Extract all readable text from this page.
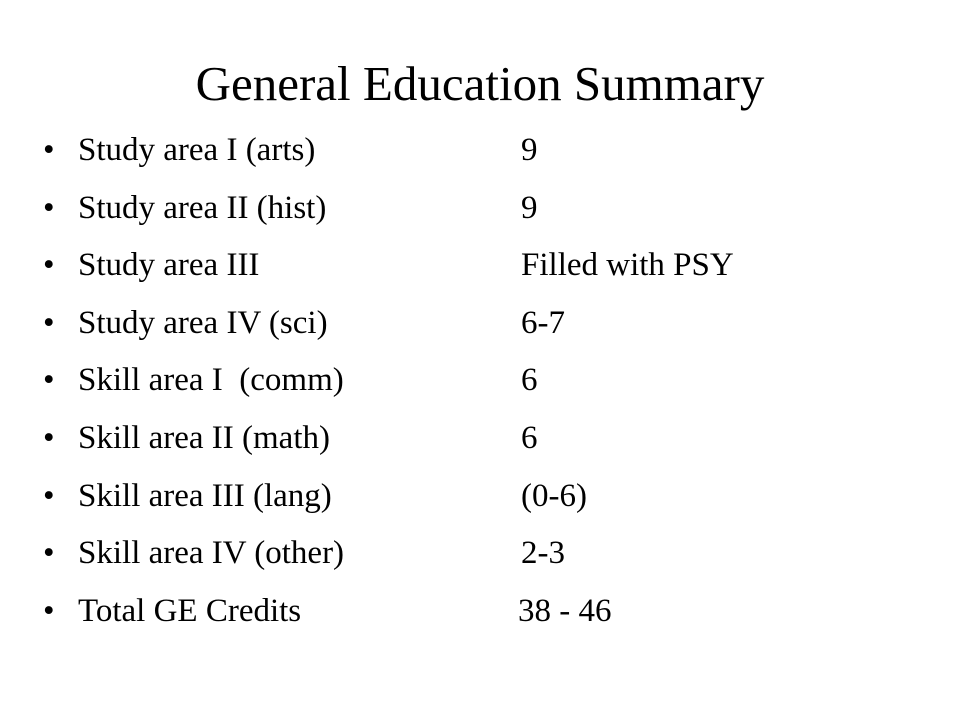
General Education Summary
• Study area I (arts)	9
• Study area II (hist)	9
• Study area III	Filled with PSY
• Study area IV (sci)	6-7
• Skill area I  (comm)	6
• Skill area II (math)	6
• Skill area III (lang)	(0-6)
• Skill area IV (other)	2-3
• Total GE Credits	38 - 46
